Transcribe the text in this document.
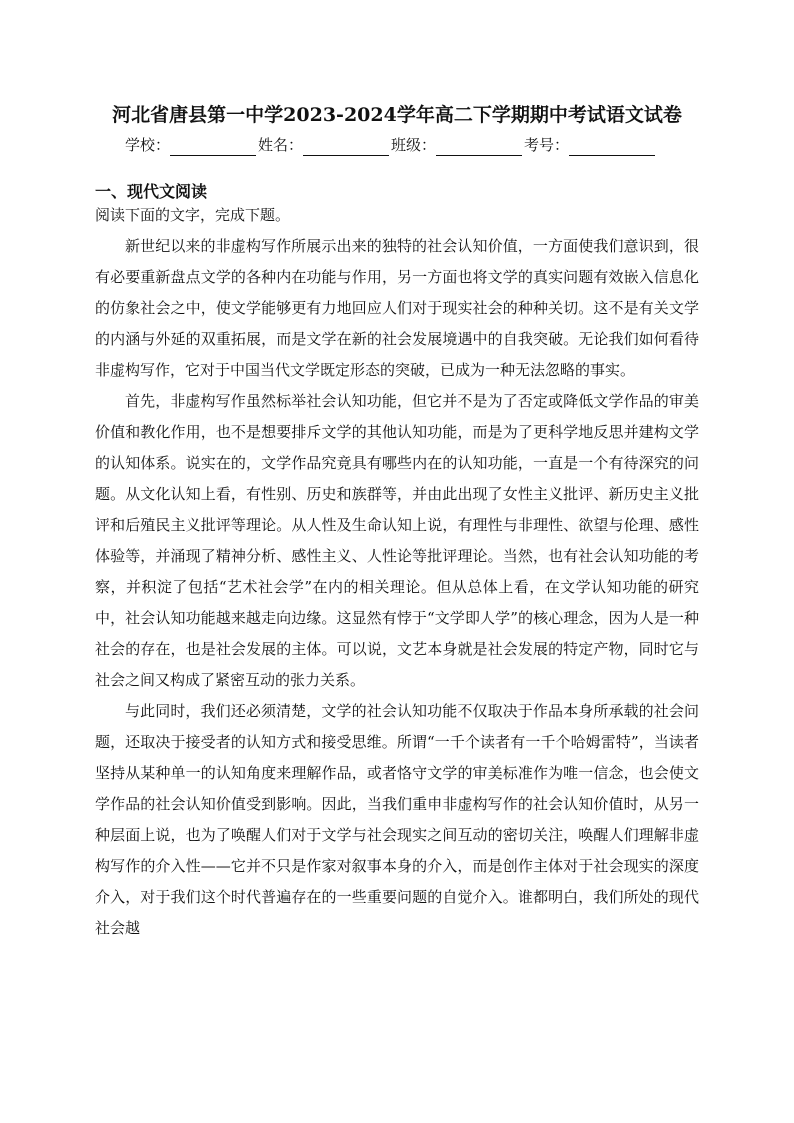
河北省唐县第一中学2023-2024学年高二下学期期中考试语文试卷
学校：	姓名：	班级：	考号：
一、现代文阅读
阅读下面的文字，完成下题。

新世纪以来的非虚构写作所展示出来的独特的社会认知价值，一方面使我们意识到，很有必要重新盘点文学的各种内在功能与作用，另一方面也将文学的真实问题有效嵌入信息化的仿象社会之中，使文学能够更有力地回应人们对于现实社会的种种关切。这不是有关文学的内涵与外延的双重拓展，而是文学在新的社会发展境遇中的自我突破。无论我们如何看待非虚构写作，它对于中国当代文学既定形态的突破，已成为一种无法忽略的事实。

首先，非虚构写作虽然标举社会认知功能，但它并不是为了否定或降低文学作品的审美价值和教化作用，也不是想要排斥文学的其他认知功能，而是为了更科学地反思并建构文学的认知体系。说实在的，文学作品究竟具有哪些内在的认知功能，一直是一个有待深究的问题。从文化认知上看，有性别、历史和族群等，并由此出现了女性主义批评、新历史主义批评和后殖民主义批评等理论。从人性及生命认知上说，有理性与非理性、欲望与伦理、感性体验等，并涌现了精神分析、感性主义、人性论等批评理论。当然，也有社会认知功能的考察，并积淀了包括“艺术社会学”在内的相关理论。但从总体上看，在文学认知功能的研究中，社会认知功能越来越走向边缘。这显然有悖于“文学即人学”的核心理念，因为人是一种社会的存在，也是社会发展的主体。可以说，文艺本身就是社会发展的特定产物，同时它与社会之间又构成了紧密互动的张力关系。

与此同时，我们还必须清楚，文学的社会认知功能不仅取决于作品本身所承载的社会问题，还取决于接受者的认知方式和接受思维。所谓“一千个读者有一千个哈姆雷特”，当读者坚持从某种单一的认知角度来理解作品，或者恪守文学的审美标准作为唯一信念，也会使文学作品的社会认知价值受到影响。因此，当我们重申非虚构写作的社会认知价值时，从另一种层面上说，也为了唤醒人们对于文学与社会现实之间互动的密切关注，唤醒人们理解非虚构写作的介入性——它并不只是作家对叙事本身的介入，而是创作主体对于社会现实的深度介入，对于我们这个时代普遍存在的一些重要问题的自觉介入。谁都明白，我们所处的现代社会越
